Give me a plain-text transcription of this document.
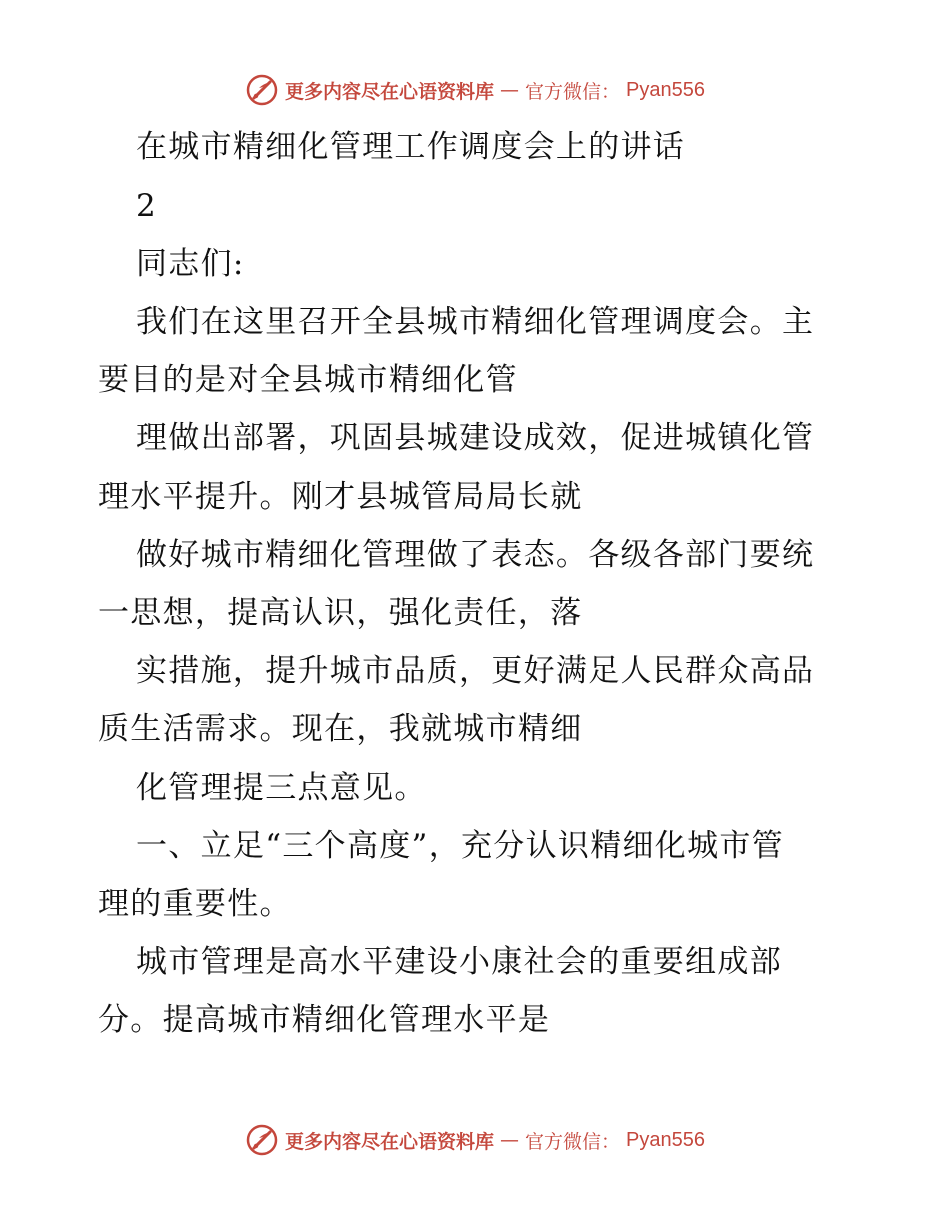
更多内容尽在心语资料库 — 官方微信： Pyan556

在城市精细化管理工作调度会上的讲话

2

同志们:

我们在这里召开全县城市精细化管理调度会。主

要目的是对全县城市精细化管

理做出部署，巩固县城建设成效，促进城镇化管

理水平提升。刚才县城管局局长就

做好城市精细化管理做了表态。各级各部门要统

一思想，提高认识，强化责任，落

实措施，提升城市品质，更好满足人民群众高品

质生活需求。现在，我就城市精细

化管理提三点意见。

一、立足“三个高度”，充分认识精细化城市管

理的重要性。

城市管理是高水平建设小康社会的重要组成部

分。提高城市精细化管理水平是

更多内容尽在心语资料库 — 官方微信： Pyan556
